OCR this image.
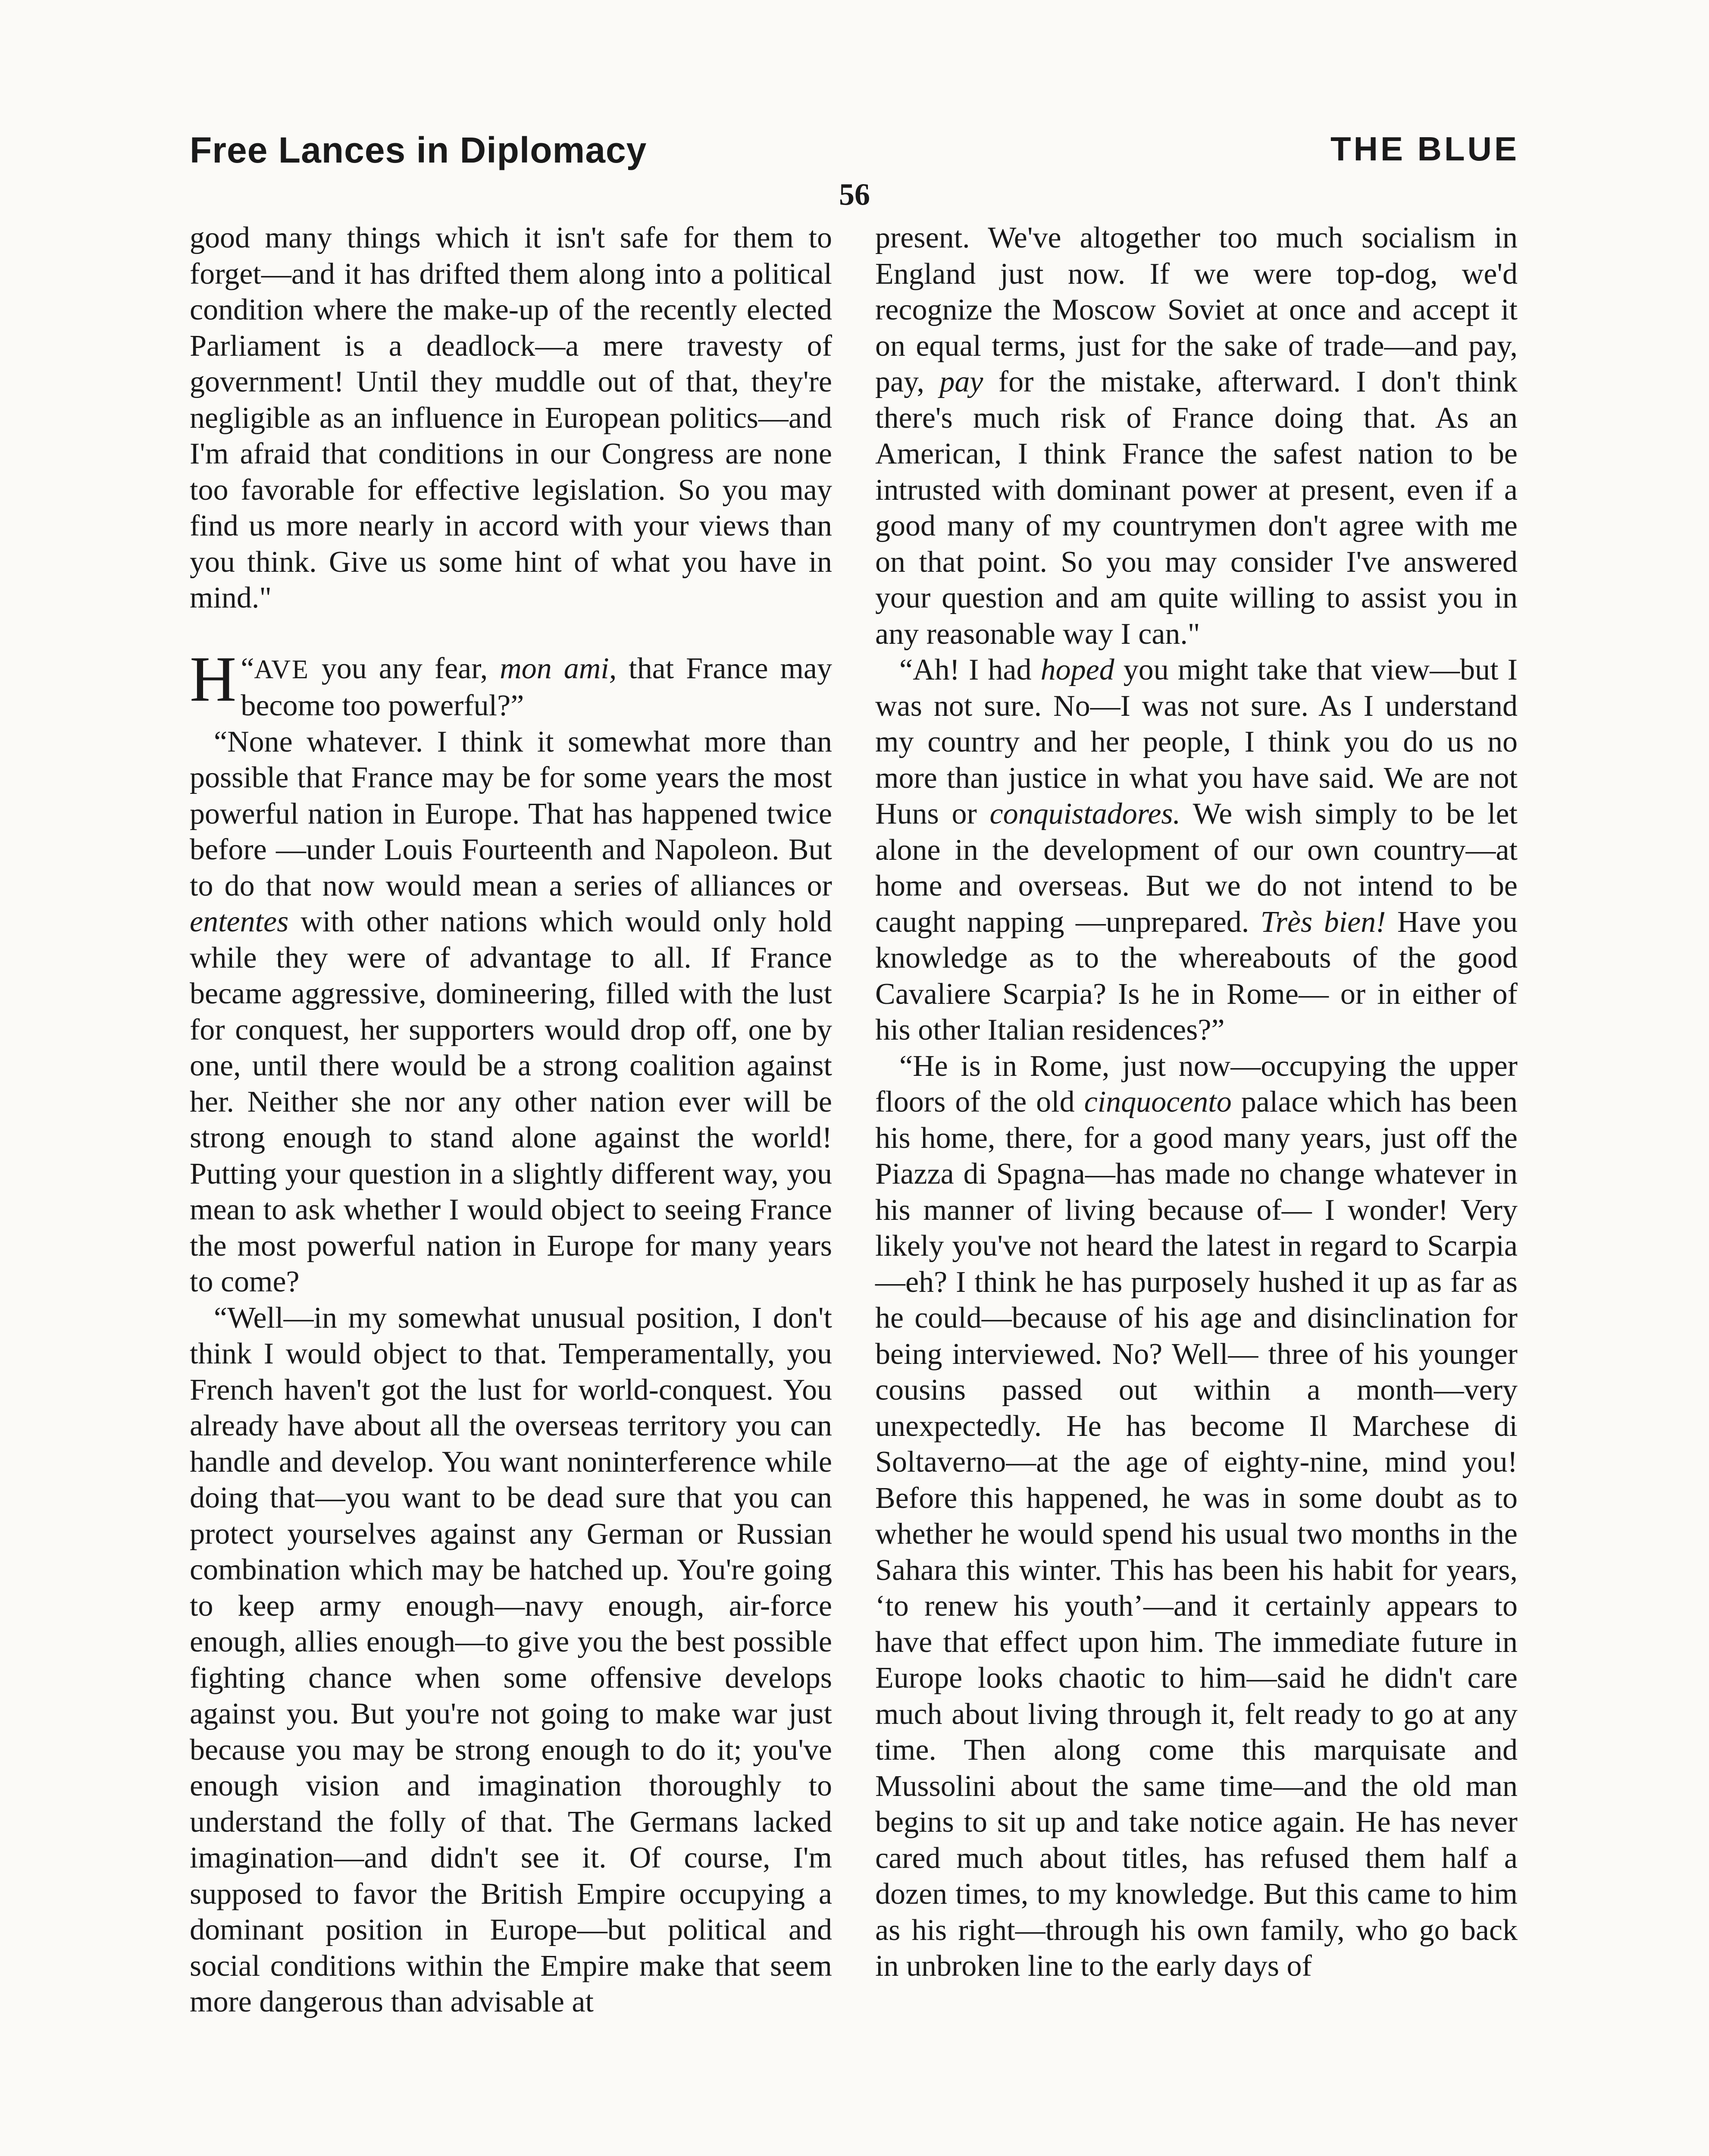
Free Lances in Diplomacy	THE BLUE
56

good many things which it isn't safe for them to forget—and it has drifted them along into a political condition where the make-up of the recently elected Parliament is a deadlock—a mere travesty of government! Until they muddle out of that, they're negligible as an influence in European politics—and I'm afraid that conditions in our Congress are none too favorable for effective legislation. So you may find us more nearly in accord with your views than you think. Give us some hint of what you have in mind."

“
H AVE you any fear, mon ami, that France may become too powerful?”

“None whatever. I think it somewhat more than possible that France may be for some years the most powerful nation in Europe. That has happened twice before —under Louis Fourteenth and Napoleon. But to do that now would mean a series of alliances or ententes with other nations which would only hold while they were of advantage to all. If France became aggressive, domineering, filled with the lust for conquest, her supporters would drop off, one by one, until there would be a strong coalition against her. Neither she nor any other nation ever will be strong enough to stand alone against the world! Putting your question in a slightly different way, you mean to ask whether I would object to seeing France the most powerful nation in Europe for many years to come?

“Well—in my somewhat unusual position, I don't think I would object to that. Temperamentally, you French haven't got the lust for world-conquest. You already have about all the overseas territory you can handle and develop. You want noninterference while doing that—you want to be dead sure that you can protect yourselves against any German or Russian combination which may be hatched up. You're going to keep army enough—navy enough, air-force enough, allies enough—to give you the best possible fighting chance when some offensive develops against you. But you're not going to make war just because you may be strong enough to do it; you've enough vision and imagination thoroughly to understand the folly of that. The Germans lacked imagination—and didn't see it. Of course, I'm supposed to favor the British Empire occupying a dominant position in Europe—but political and social conditions within the Empire make that seem more dangerous than advisable at

present. We've altogether too much socialism in England just now. If we were top-dog, we'd recognize the Moscow Soviet at once and accept it on equal terms, just for the sake of trade—and pay, pay, pay for the mistake, afterward. I don't think there's much risk of France doing that. As an American, I think France the safest nation to be intrusted with dominant power at present, even if a good many of my countrymen don't agree with me on that point. So you may consider I've answered your question and am quite willing to assist you in any reasonable way I can."

“Ah! I had hoped you might take that view—but I was not sure. No—I was not sure. As I understand my country and her people, I think you do us no more than justice in what you have said. We are not Huns or conquistadores. We wish simply to be let alone in the development of our own country—at home and overseas. But we do not intend to be caught napping —unprepared. Très bien! Have you knowledge as to the whereabouts of the good Cavaliere Scarpia? Is he in Rome— or in either of his other Italian residences?”

“He is in Rome, just now—occupying the upper floors of the old cinquocento palace which has been his home, there, for a good many years, just off the Piazza di Spagna—has made no change whatever in his manner of living because of— I wonder! Very likely you've not heard the latest in regard to Scarpia—eh? I think he has purposely hushed it up as far as he could—because of his age and disinclination for being interviewed. No? Well— three of his younger cousins passed out within a month—very unexpectedly. He has become Il Marchese di Soltaverno—at the age of eighty-nine, mind you! Before this happened, he was in some doubt as to whether he would spend his usual two months in the Sahara this winter. This has been his habit for years, ‘to renew his youth’—and it certainly appears to have that effect upon him. The immediate future in Europe looks chaotic to him—said he didn't care much about living through it, felt ready to go at any time. Then along come this marquisate and Mussolini about the same time—and the old man begins to sit up and take notice again. He has never cared much about titles, has refused them half a dozen times, to my knowledge. But this came to him as his right—through his own family, who go back in unbroken line to the early days of
